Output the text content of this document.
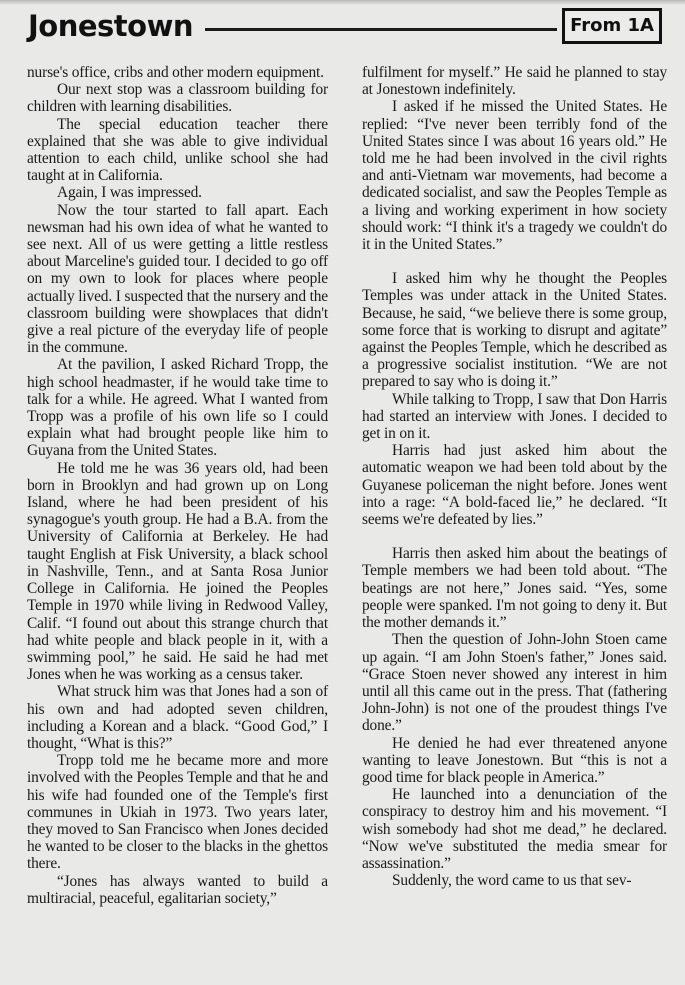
Jonestown	From 1A

nurse's office, cribs and other modern equipment.

Our next stop was a classroom building for children with learning disabilities.

The special education teacher there explained that she was able to give individual attention to each child, unlike school she had taught at in California.

Again, I was impressed.

Now the tour started to fall apart. Each newsman had his own idea of what he wanted to see next. All of us were getting a little restless about Marceline's guided tour. I decided to go off on my own to look for places where people actually lived. I suspected that the nursery and the classroom building were showplaces that didn't give a real picture of the everyday life of people in the commune.

At the pavilion, I asked Richard Tropp, the high school headmaster, if he would take time to talk for a while. He agreed. What I wanted from Tropp was a profile of his own life so I could explain what had brought people like him to Guyana from the United States.

He told me he was 36 years old, had been born in Brooklyn and had grown up on Long Island, where he had been president of his synagogue's youth group. He had a B.A. from the University of California at Berkeley. He had taught English at Fisk University, a black school in Nashville, Tenn., and at Santa Rosa Junior College in California. He joined the Peoples Temple in 1970 while living in Redwood Valley, Calif. “I found out about this strange church that had white people and black people in it, with a swimming pool,” he said. He said he had met Jones when he was working as a census taker.

What struck him was that Jones had a son of his own and had adopted seven children, including a Korean and a black. “Good God,” I thought, “What is this?”

Tropp told me he became more and more involved with the Peoples Temple and that he and his wife had founded one of the Temple's first communes in Ukiah in 1973. Two years later, they moved to San Francisco when Jones decided he wanted to be closer to the blacks in the ghettos there.

“Jones has always wanted to build a multiracial, peaceful, egalitarian society,”

fulfilment for myself.” He said he planned to stay at Jonestown indefinitely.

I asked if he missed the United States. He replied: “I've never been terribly fond of the United States since I was about 16 years old.” He told me he had been involved in the civil rights and anti-Vietnam war movements, had become a dedicated socialist, and saw the Peoples Temple as a living and working experiment in how society should work: “I think it's a tragedy we couldn't do it in the United States.”

I asked him why he thought the Peoples Temples was under attack in the United States. Because, he said, “we believe there is some group, some force that is working to disrupt and agitate” against the Peoples Temple, which he described as a progressive socialist institution. “We are not prepared to say who is doing it.”

While talking to Tropp, I saw that Don Harris had started an interview with Jones. I decided to get in on it.

Harris had just asked him about the automatic weapon we had been told about by the Guyanese policeman the night before. Jones went into a rage: “A bold-faced lie,” he declared. “It seems we're defeated by lies.”

Harris then asked him about the beatings of Temple members we had been told about. “The beatings are not here,” Jones said. “Yes, some people were spanked. I'm not going to deny it. But the mother demands it.”

Then the question of John-John Stoen came up again. “I am John Stoen's father,” Jones said. “Grace Stoen never showed any interest in him until all this came out in the press. That (fathering John-John) is not one of the proudest things I've done.”

He denied he had ever threatened anyone wanting to leave Jonestown. But “this is not a good time for black people in America.”

He launched into a denunciation of the conspiracy to destroy him and his movement. “I wish somebody had shot me dead,” he declared. “Now we've substituted the media smear for assassination.”

Suddenly, the word came to us that sev-
